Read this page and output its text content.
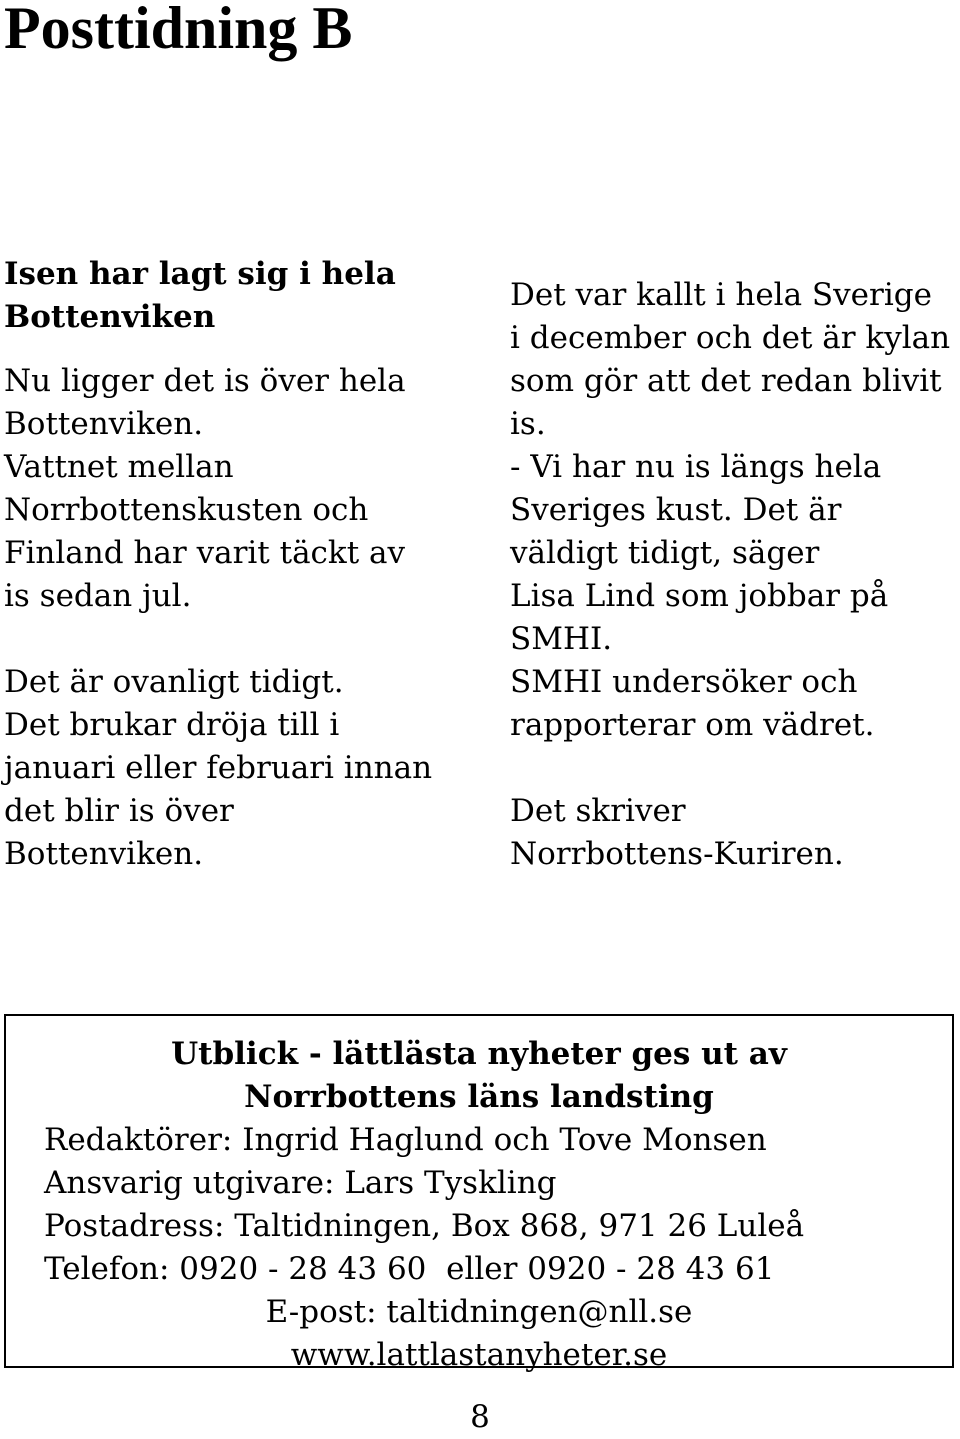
Posttidning B
Isen har lagt sig i hela
Bottenviken
Nu ligger det is över hela
Bottenviken.
Vattnet mellan
Norrbottenskusten och
Finland har varit täckt av
is sedan jul.
Det är ovanligt tidigt.
Det brukar dröja till i
januari eller februari innan
det blir is över
Bottenviken.
Det var kallt i hela Sverige
i december och det är kylan
som gör att det redan blivit
is.
- Vi har nu is längs hela
Sveriges kust. Det är
väldigt tidigt, säger
Lisa Lind som jobbar på
SMHI.
SMHI undersöker och
rapporterar om vädret.
Det skriver
Norrbottens-Kuriren.
Utblick - lättlästa nyheter ges ut av
Norrbottens läns landsting
Redaktörer: Ingrid Haglund och Tove Monsen
Ansvarig utgivare: Lars Tyskling
Postadress: Taltidningen, Box 868, 971 26 Luleå
Telefon: 0920 - 28 43 60  eller 0920 - 28 43 61
E-post: taltidningen@nll.se
www.lattlastanyheter.se
8
